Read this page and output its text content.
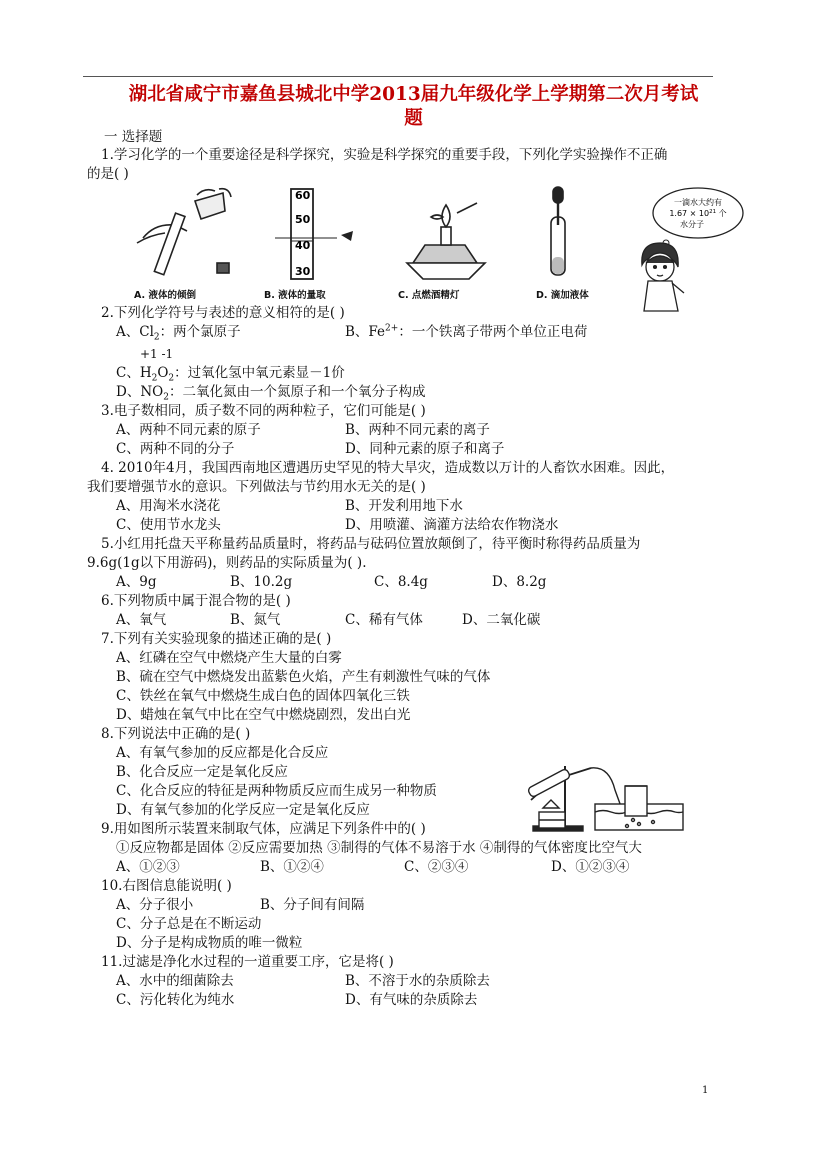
湖北省咸宁市嘉鱼县城北中学2013届九年级化学上学期第二次月考试
题
一 选择题
1.学习化学的一个重要途径是科学探究，实验是科学探究的重要手段，下列化学实验操作不正确
的是( )
60
50
40
30
A. 液体的倾倒	B. 液体的量取	C. 点燃酒精灯	D. 滴加液体
一滴水大约有
$1.67 \times 10^{21}$ 个
水分子
2.下列化学符号与表述的意义相符的是( )
A、$Cl_2$：两个氯原子	B、$Fe^{2+}$：一个铁离子带两个单位正电荷
+1 -1
C、$H_2O_2$：过氧化氢中氧元素显－1价
D、$NO_2$：二氧化氮由一个氮原子和一个氧分子构成
3.电子数相同，质子数不同的两种粒子，它们可能是( )
A、两种不同元素的原子	B、两种不同元素的离子
C、两种不同的分子	D、同种元素的原子和离子
4. 2010年4月，我国西南地区遭遇历史罕见的特大旱灾，造成数以万计的人畜饮水困难。因此，
我们要增强节水的意识。下列做法与节约用水无关的是( )
A、用淘米水浇花	B、开发利用地下水
C、使用节水龙头	D、用喷灌、滴灌方法给农作物浇水
5.小红用托盘天平称量药品质量时，将药品与砝码位置放颠倒了，待平衡时称得药品质量为
9.6g(1g以下用游码)，则药品的实际质量为( ).
A、9g	B、10.2g	C、8.4g	D、8.2g
6.下列物质中属于混合物的是( )
A、氧气	B、氮气	C、稀有气体	D、二氧化碳
7.下列有关实验现象的描述正确的是( )
A、红磷在空气中燃烧产生大量的白雾
B、硫在空气中燃烧发出蓝紫色火焰，产生有刺激性气味的气体
C、铁丝在氧气中燃烧生成白色的固体四氧化三铁
D、蜡烛在氧气中比在空气中燃烧剧烈，发出白光
8.下列说法中正确的是( )
A、有氧气参加的反应都是化合反应
B、化合反应一定是氧化反应
C、化合反应的特征是两种物质反应而生成另一种物质
D、有氧气参加的化学反应一定是氧化反应
9.用如图所示装置来制取气体，应满足下列条件中的( )
①反应物都是固体 ②反应需要加热 ③制得的气体不易溶于水 ④制得的气体密度比空气大
A、①②③	B、①②④	C、②③④	D、①②③④
10.右图信息能说明( )
A、分子很小	B、分子间有间隔
C、分子总是在不断运动
D、分子是构成物质的唯一微粒
11.过滤是净化水过程的一道重要工序，它是将( )
A、水中的细菌除去	B、不溶于水的杂质除去
C、污化转化为纯水	D、有气味的杂质除去
1
